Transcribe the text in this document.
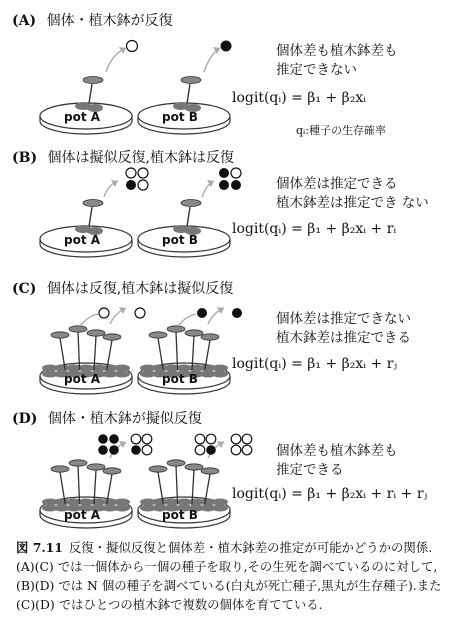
(A) 個体・植木鉢が反復
pot A	pot B
個体差も植木鉢差も
推定できない
logit(qᵢ) = β₁ + β₂xᵢ
qᵢ:種子の生存確率
(B) 個体は擬似反復,植木鉢は反復
pot A	pot B
個体差は推定できる
植木鉢差は推定でき ない
logit(qᵢ) = β₁ + β₂xᵢ + rᵢ
(C) 個体は反復,植木鉢は擬似反復
pot A	pot B
個体差は推定できない
植木鉢差は推定できる
logit(qᵢ) = β₁ + β₂xᵢ + rⱼ
(D) 個体・植木鉢が擬似反復
pot A	pot B
個体差も植木鉢差も
推定できる
logit(qᵢ) = β₁ + β₂xᵢ + rᵢ + rⱼ
図 7.11 反復・擬似反復と個体差・植木鉢差の推定が可能かどうかの関係.(A)(C) では一個体から一個の種子を取り,その生死を調べているのに対して,(B)(D) では N 個の種子を調べている(白丸が死亡種子,黒丸が生存種子).また (C)(D) ではひとつの植木鉢で複数の個体を育てている.
